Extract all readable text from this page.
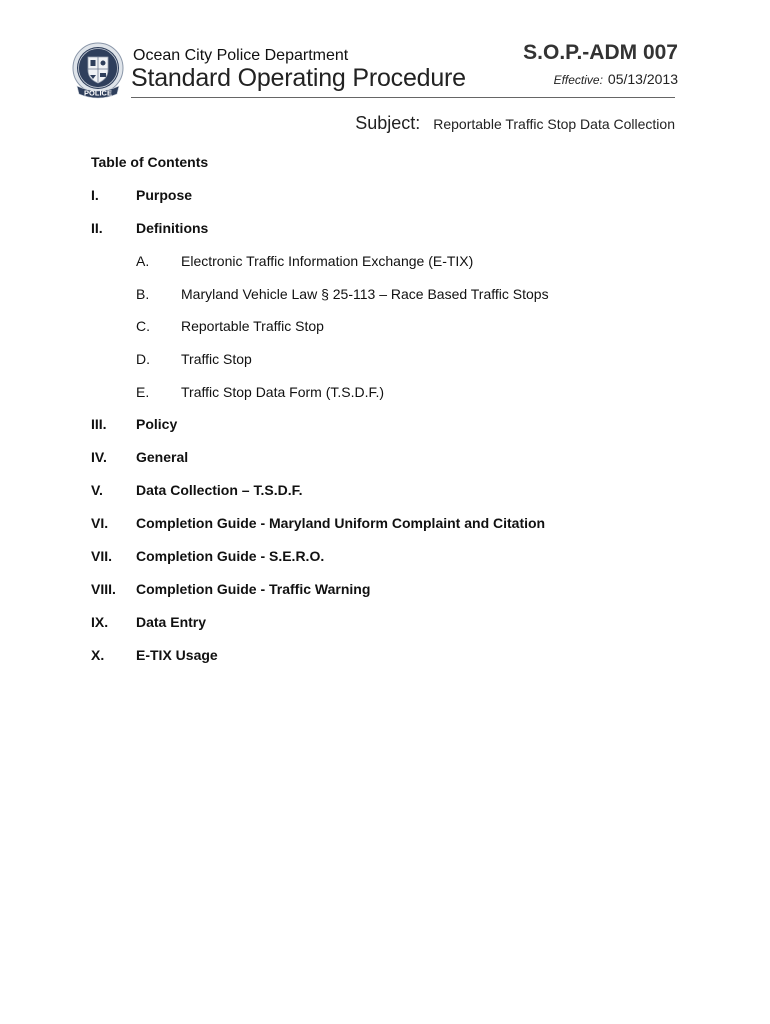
POLICE
Ocean City Police Department
Standard Operating Procedure
S.O.P.-ADM 007
Effective: 05/13/2013
Subject: Reportable Traffic Stop Data Collection
Table of Contents
I.	Purpose
II. Definitions
A. Electronic Traffic Information Exchange (E-TIX)
B. Maryland Vehicle Law § 25-113 – Race Based Traffic Stops
C. Reportable Traffic Stop
D. Traffic Stop
E. Traffic Stop Data Form (T.S.D.F.)
III. Policy
IV. General
V. Data Collection – T.S.D.F.
VI. Completion Guide - Maryland Uniform Complaint and Citation
VII. Completion Guide - S.E.R.O.
VIII. Completion Guide - Traffic Warning
IX. Data Entry
X. E-TIX Usage
